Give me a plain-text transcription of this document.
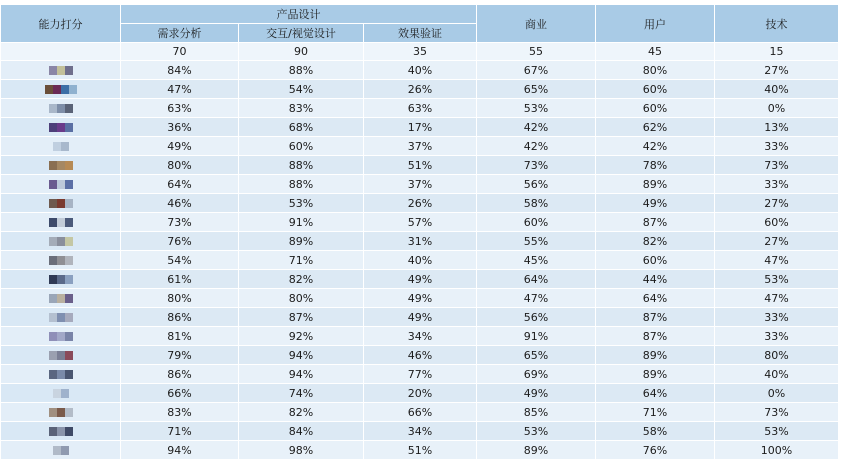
能力打分	产品设计			商业	用户	技术
	需求分析	交互/视觉设计	效果验证			
	70	90	35	55	45	15

	84%	88%	40%	67%	80%	27%

	47%	54%	26%	65%	60%	40%

	63%	83%	63%	53%	60%	0%

	36%	68%	17%	42%	62%	13%

	49%	60%	37%	42%	42%	33%

	80%	88%	51%	73%	78%	73%

	64%	88%	37%	56%	89%	33%

	46%	53%	26%	58%	49%	27%

	73%	91%	57%	60%	87%	60%

	76%	89%	31%	55%	82%	27%

	54%	71%	40%	45%	60%	47%

	61%	82%	49%	64%	44%	53%

	80%	80%	49%	47%	64%	47%

	86%	87%	49%	56%	87%	33%

	81%	92%	34%	91%	87%	33%

	79%	94%	46%	65%	89%	80%

	86%	94%	77%	69%	89%	40%

	66%	74%	20%	49%	64%	0%

	83%	82%	66%	85%	71%	73%

	71%	84%	34%	53%	58%	53%

	94%	98%	51%	89%	76%	100%
